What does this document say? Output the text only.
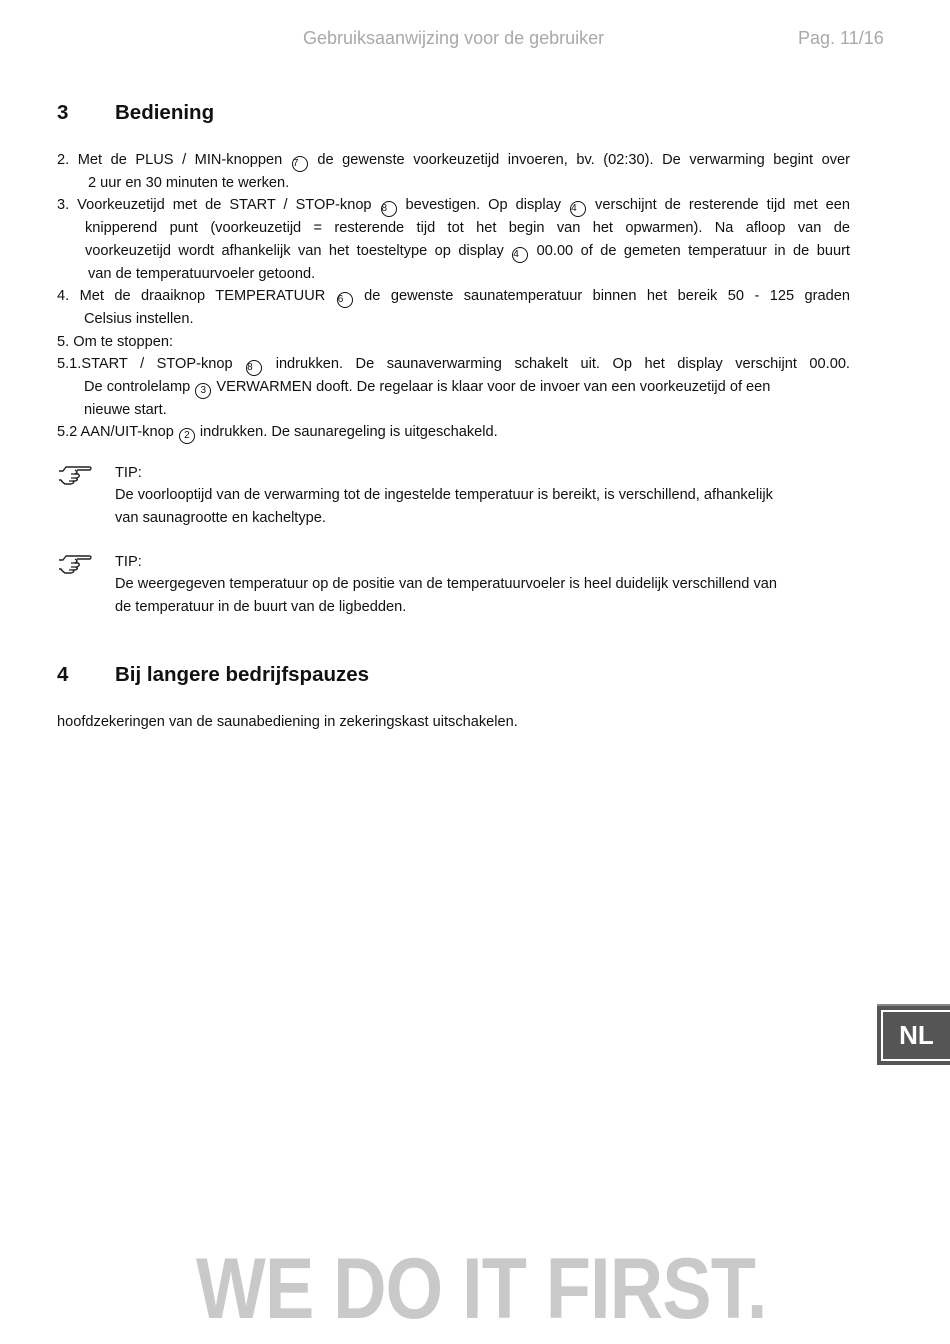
Gebruiksaanwijzing voor de gebruiker	Pag. 11/16
3 Bediening
2. Met de PLUS / MIN-knoppen 7 de gewenste voorkeuzetijd invoeren, bv. (02:30). De verwarming begint over
2 uur en 30 minuten te werken.
3. Voorkeuzetijd met de START / STOP-knop 8 bevestigen. Op display 4 verschijnt de resterende tijd met een
knipperend punt (voorkeuzetijd = resterende tijd tot het begin van het opwarmen). Na afloop van de
voorkeuzetijd wordt afhankelijk van het toesteltype op display 4 00.00 of de gemeten temperatuur in de buurt
van de temperatuurvoeler getoond.
4. Met de draaiknop TEMPERATUUR 6 de gewenste saunatemperatuur binnen het bereik 50 - 125 graden
Celsius instellen.
5. Om te stoppen:
5.1.START / STOP-knop 8 indrukken. De saunaverwarming schakelt uit. Op het display verschijnt 00.00.
De controlelamp 3 VERWARMEN dooft. De regelaar is klaar voor de invoer van een voorkeuzetijd of een
nieuwe start.
5.2 AAN/UIT-knop 2 indrukken. De saunaregeling is uitgeschakeld.
TIP:
De voorlooptijd van de verwarming tot de ingestelde temperatuur is bereikt, is verschillend, afhankelijk
van saunagrootte en kacheltype.
TIP:
De weergegeven temperatuur op de positie van de temperatuurvoeler is heel duidelijk verschillend van
de temperatuur in de buurt van de ligbedden.
4 Bij langere bedrijfspauzes
hoofdzekeringen van de saunabediening in zekeringskast uitschakelen.
NL
WE DO IT FIRST.
